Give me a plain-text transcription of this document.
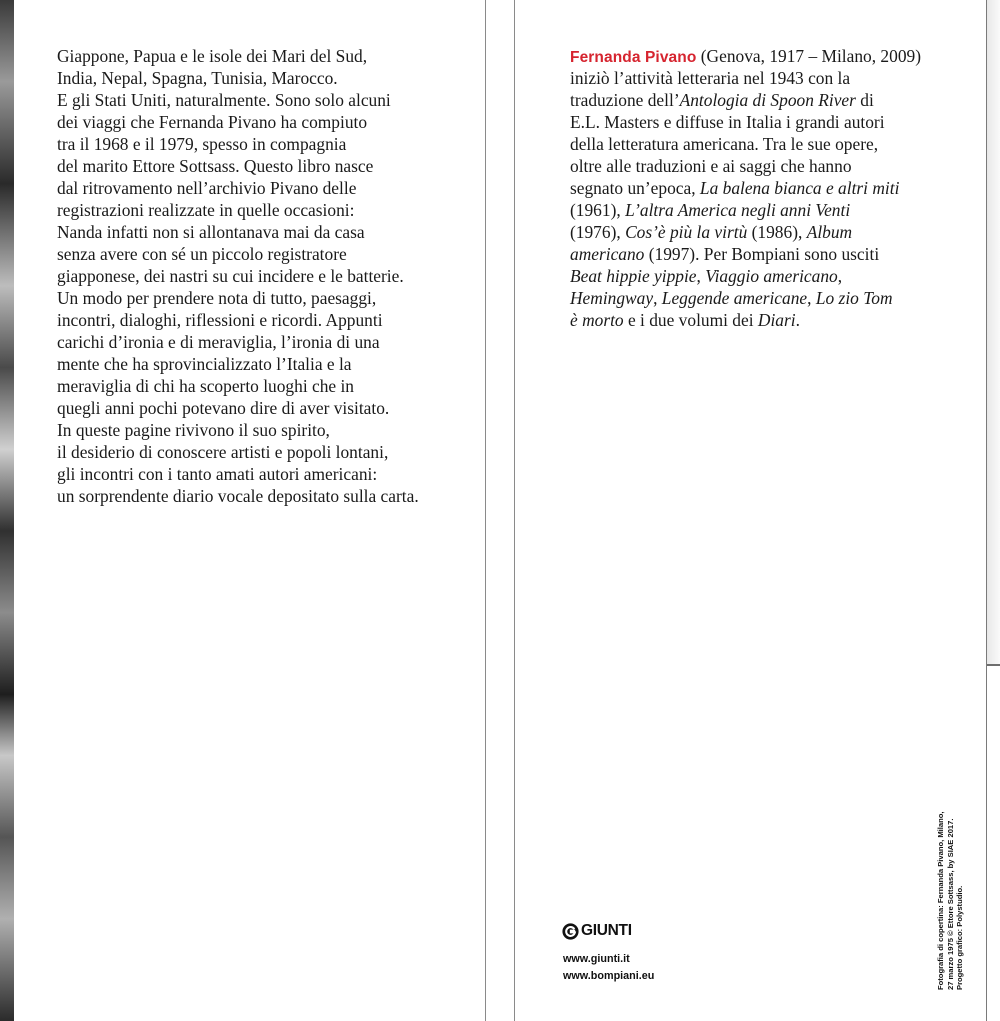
Giappone, Papua e le isole dei Mari del Sud,
India, Nepal, Spagna, Tunisia, Marocco.
E gli Stati Uniti, naturalmente. Sono solo alcuni
dei viaggi che Fernanda Pivano ha compiuto
tra il 1968 e il 1979, spesso in compagnia
del marito Ettore Sottsass. Questo libro nasce
dal ritrovamento nell’archivio Pivano delle
registrazioni realizzate in quelle occasioni:
Nanda infatti non si allontanava mai da casa
senza avere con sé un piccolo registratore
giapponese, dei nastri su cui incidere e le batterie.
Un modo per prendere nota di tutto, paesaggi,
incontri, dialoghi, riflessioni e ricordi. Appunti
carichi d’ironia e di meraviglia, l’ironia di una
mente che ha sprovincializzato l’Italia e la
meraviglia di chi ha scoperto luoghi che in
quegli anni pochi potevano dire di aver visitato.
In queste pagine rivivono il suo spirito,
il desiderio di conoscere artisti e popoli lontani,
gli incontri con i tanto amati autori americani:
un sorprendente diario vocale depositato sulla carta.
Fernanda Pivano (Genova, 1917 – Milano, 2009)
iniziò l’attività letteraria nel 1943 con la
traduzione dell’Antologia di Spoon River di
E.L. Masters e diffuse in Italia i grandi autori
della letteratura americana. Tra le sue opere,
oltre alle traduzioni e ai saggi che hanno
segnato un’epoca, La balena bianca e altri miti
(1961), L’altra America negli anni Venti
(1976), Cos’è più la virtù (1986), Album
americano (1997). Per Bompiani sono usciti
Beat hippie yippie, Viaggio americano,
Hemingway, Leggende americane, Lo zio Tom
è morto e i due volumi dei Diari.
GIUNTI
www.giunti.it
www.bompiani.eu	Fotografia di copertina: Fernanda Pivano, Milano, 27 marzo 1975 © Ettore Sottsass, by SIAE 2017. Progetto grafico: Polystudio.
